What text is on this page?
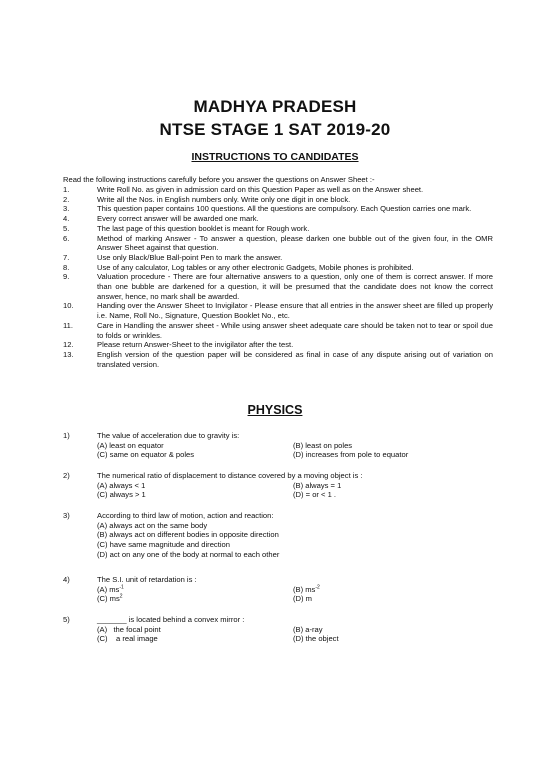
MADHYA PRADESH
NTSE STAGE 1 SAT 2019-20
INSTRUCTIONS TO CANDIDATES
Read the following instructions carefully before you answer the questions on Answer Sheet :-
1.	Write Roll No. as given in admission card on this Question Paper as well as on the Answer sheet.
2.	Write all the Nos. in English numbers only. Write only one digit in one block.
3.	This question paper contains 100 questions. All the questions are compulsory. Each Question carries one mark.
4.	Every correct answer will be awarded one mark.
5.	The last page of this question booklet is meant for Rough work.
6.	Method of marking Answer - To answer a question, please darken one bubble out of the given four, in the OMR Answer Sheet against that question.
7.	Use only Black/Blue Ball-point Pen to mark the answer.
8.	Use of any calculator, Log tables or any other electronic Gadgets, Mobile phones is prohibited.
9.	Valuation procedure - There are four alternative answers to a question, only one of them is correct answer. If more than one bubble are darkened for a question, it will be presumed that the candidate does not know the correct answer, hence, no mark shall be awarded.
10.	Handing over the Answer Sheet to Invigilator - Please ensure that all entries in the answer sheet are filled up properly i.e. Name, Roll No., Signature, Question Booklet No., etc.
11.	Care in Handling the answer sheet - While using answer sheet adequate care should be taken not to tear or spoil due to folds or wrinkles.
12.	Please return Answer-Sheet to the invigilator after the test.
13.	English version of the question paper will be considered as final in case of any dispute arising out of variation on translated version.
PHYSICS
1)	The value of acceleration due to gravity is:
(A) least on equator	(B) least on poles
(C) same on equator & poles	(D) increases from pole to equator
2)	The numerical ratio of displacement to distance covered by a moving object is :
(A) always < 1	(B) always = 1
(C) always > 1	(D) = or < 1 .
3)	According to third law of motion, action and reaction:
(A) always act on the same body
(B) always act on different bodies in opposite direction
(C) have same magnitude and direction
(D) act on any one of the body at normal to each other
4)	The S.I. unit of retardation is :
(A) $ms^{-1}$	(B) $ms^{-2}$
(C) $ms^2$	(D) m
5)	_______ is located behind a convex mirror :
(A)   the focal point	(B) a-ray
(C)    a real image	(D) the object
